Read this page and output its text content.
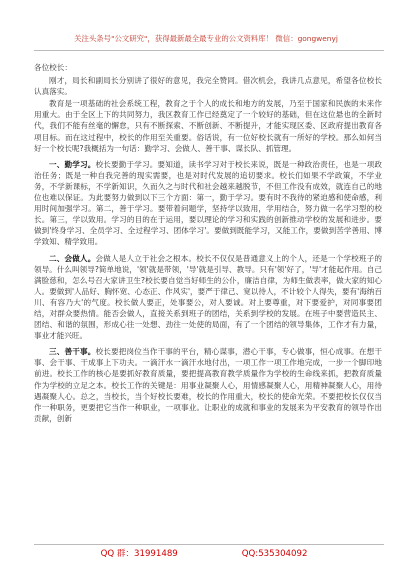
关注头条号"公文研究"，获得最新最全最专业的公文资料库！ 微信：gongwenyj

各位校长：

刚才，局长和副局长分别讲了很好的意见，我完全赞同。借次机会，我讲几点意见，希望各位校长认真落实。

教育是一项基础的社会系统工程，教育之于个人的成长和地方的发展，乃至于国家和民族的未来作用重大。由于全区上下的共同努力，我区教育工作已经奠定了一个较好的基础，但在这位悬也的全新时代，我们不能有丝毫的懈怠，只有不断探索、不断创新、不断提升，才能实现区委、区政府提出教育各项目标。而在这过程中，校长的作用至关重要。俗话说，有一位好校长就有一所好的学校。那么如何当好一个校长呢?我概括为一句话：勤学习、会做人、善干事、谋长队、抓管理。

一、勤学习。校长要勤于学习。要知道，读书学习对于校长来说，既是一种政治责任，也是一项政治任务；既是一种自我完善的现实需要，也是对时代发展的追切要求。校长们如果不学政策，不学业务，不学新课标，不学新知识，久而久之与时代和社会越来越脱节，不但工作没有成效，就连自己的地位也难以保证。为此要努力做到以下三个方面：第一，勤于学习。要有时不我待的紧迫感和使命感，利用时间加强学习。第二，善于学习。要带着问题学，坚持学以致用，学用结合，努力做一名学习型的校长。第三，学以致用。学习的目的在于运用，要以理论的学习和实践的创新推动学校的发展和进步。要做到'终身学习、全员学习、全过程学习、团体学习'。要做到既能学习，又能工作，要做到苦学善用、博学致知、精学致用。

二、会做人。会做人是人立于社会之根本。校长不仅仅是普通意义上的个人，还是一个学校班子的领导。什么叫领导?简单地说，'领'就是带领，'导'就是引导、教导。只有'领'好了，'导'才能起作用。自己满脸慈和，怎么号召大家讲卫生?校长要自觉当好师生的公仆，廉洁自律，为师生做表率，做大家的知心人。要做到'人品好、胸怀宽、心态正、作风实'，要严于律己、宽以待人，不计较个人得失，要有'海纳百川、有容乃大'的气度。校长做人要正，处事要公，对人要诚。对上要尊重，对下要爱护，对同事要团结，对群众要热情。能否会做人，直接关系到班子的团结，关系到学校的发展。在班子中要营造民主、团结、和谐的氛围，形成心往一处想、劲往一处使的局面，有了一个团结的领导集体，工作才有力量，事业才能兴旺。

三、善干事。校长要把岗位当作干事的平台，精心谋事，潜心干事，专心做事，恒心成事。在想干事、会干事、干成事上下功夫。一滴汗水一滴汗水地付出，一项工作一项工作地完成，一步一个脚印地前进。校长工作的核心是要抓好教育质量，要把提高教育教学质量作为学校的生命线来抓，把教育质量作为学校的立足之本。校长工作的关键是：用事业凝聚人心，用情感凝聚人心，用精神凝聚人心，用待遇凝聚人心。总之，当校长，当个好校长要难，校长的作用重大，校长的使命光荣。不要把校长仅仅当作一种职务，更要把它当作一种职业，一项事业。让职业的成就和事业的发展来为平安教育的领导作出贡献，创新

QQ 群：31991489	QQ:535304092
